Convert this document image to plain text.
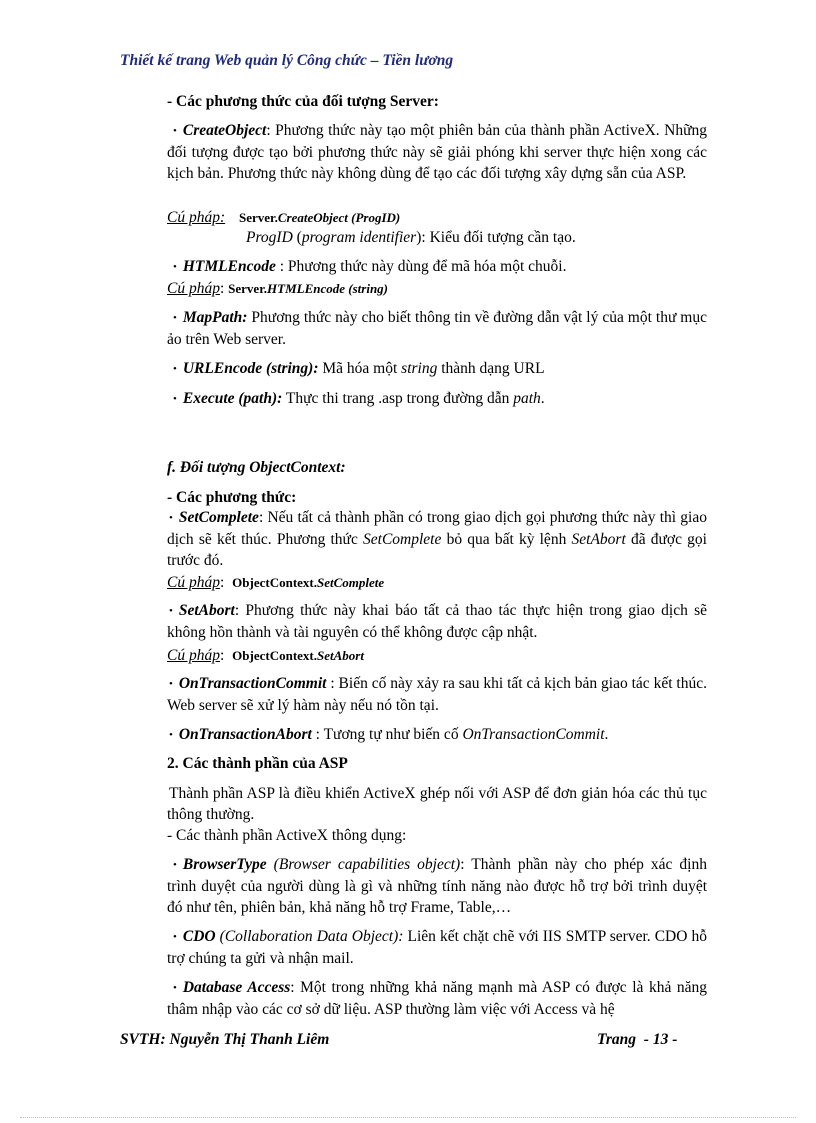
Thiết kế trang Web quản lý Công chức – Tiền lương
- Các phương thức của đối tượng Server:
• CreateObject: Phương thức này tạo một phiên bản của thành phần ActiveX. Những đối tượng được tạo bởi phương thức này sẽ giải phóng khi server thực hiện xong các kịch bản. Phương thức này không dùng để tạo các đối tượng xây dựng sẵn của ASP.
Cú pháp: Server.CreateObject (ProgID)
ProgID (program identifier): Kiểu đối tượng cần tạo.
• HTMLEncode : Phương thức này dùng để mã hóa một chuỗi.
Cú pháp: Server.HTMLEncode (string)
• MapPath: Phương thức này cho biết thông tin về đường dẫn vật lý của một thư mục ảo trên Web server.
• URLEncode (string): Mã hóa một string thành dạng URL
• Execute (path): Thực thi trang .asp trong đường dẫn path.
f. Đối tượng ObjectContext:
- Các phương thức:
• SetComplete: Nếu tất cả thành phần có trong giao dịch gọi phương thức này thì giao dịch sẽ kết thúc. Phương thức SetComplete bỏ qua bất kỳ lệnh SetAbort đã được gọi trước đó.
Cú pháp: ObjectContext.SetComplete
• SetAbort: Phương thức này khai báo tất cả thao tác thực hiện trong giao dịch sẽ không hồn thành và tài nguyên có thể không được cập nhật.
Cú pháp: ObjectContext.SetAbort
• OnTransactionCommit : Biến cố này xảy ra sau khi tất cả kịch bản giao tác kết thúc. Web server sẽ xử lý hàm này nếu nó tồn tại.
• OnTransactionAbort : Tương tự như biến cố OnTransactionCommit.
2. Các thành phần của ASP
Thành phần ASP là điều khiển ActiveX ghép nối với ASP để đơn giản hóa các thủ tục thông thường.
- Các thành phần ActiveX thông dụng:
• BrowserType (Browser capabilities object): Thành phần này cho phép xác định trình duyệt của người dùng là gì và những tính năng nào được hỗ trợ bởi trình duyệt đó như tên, phiên bản, khả năng hỗ trợ Frame, Table,…
• CDO (Collaboration Data Object): Liên kết chặt chẽ với IIS SMTP server. CDO hỗ trợ chúng ta gửi và nhận mail.
• Database Access: Một trong những khả năng mạnh mà ASP có được là khả năng thâm nhập vào các cơ sở dữ liệu. ASP thường làm việc với Access và hệ
SVTH: Nguyễn Thị Thanh Liêm	Trang - 13 -
